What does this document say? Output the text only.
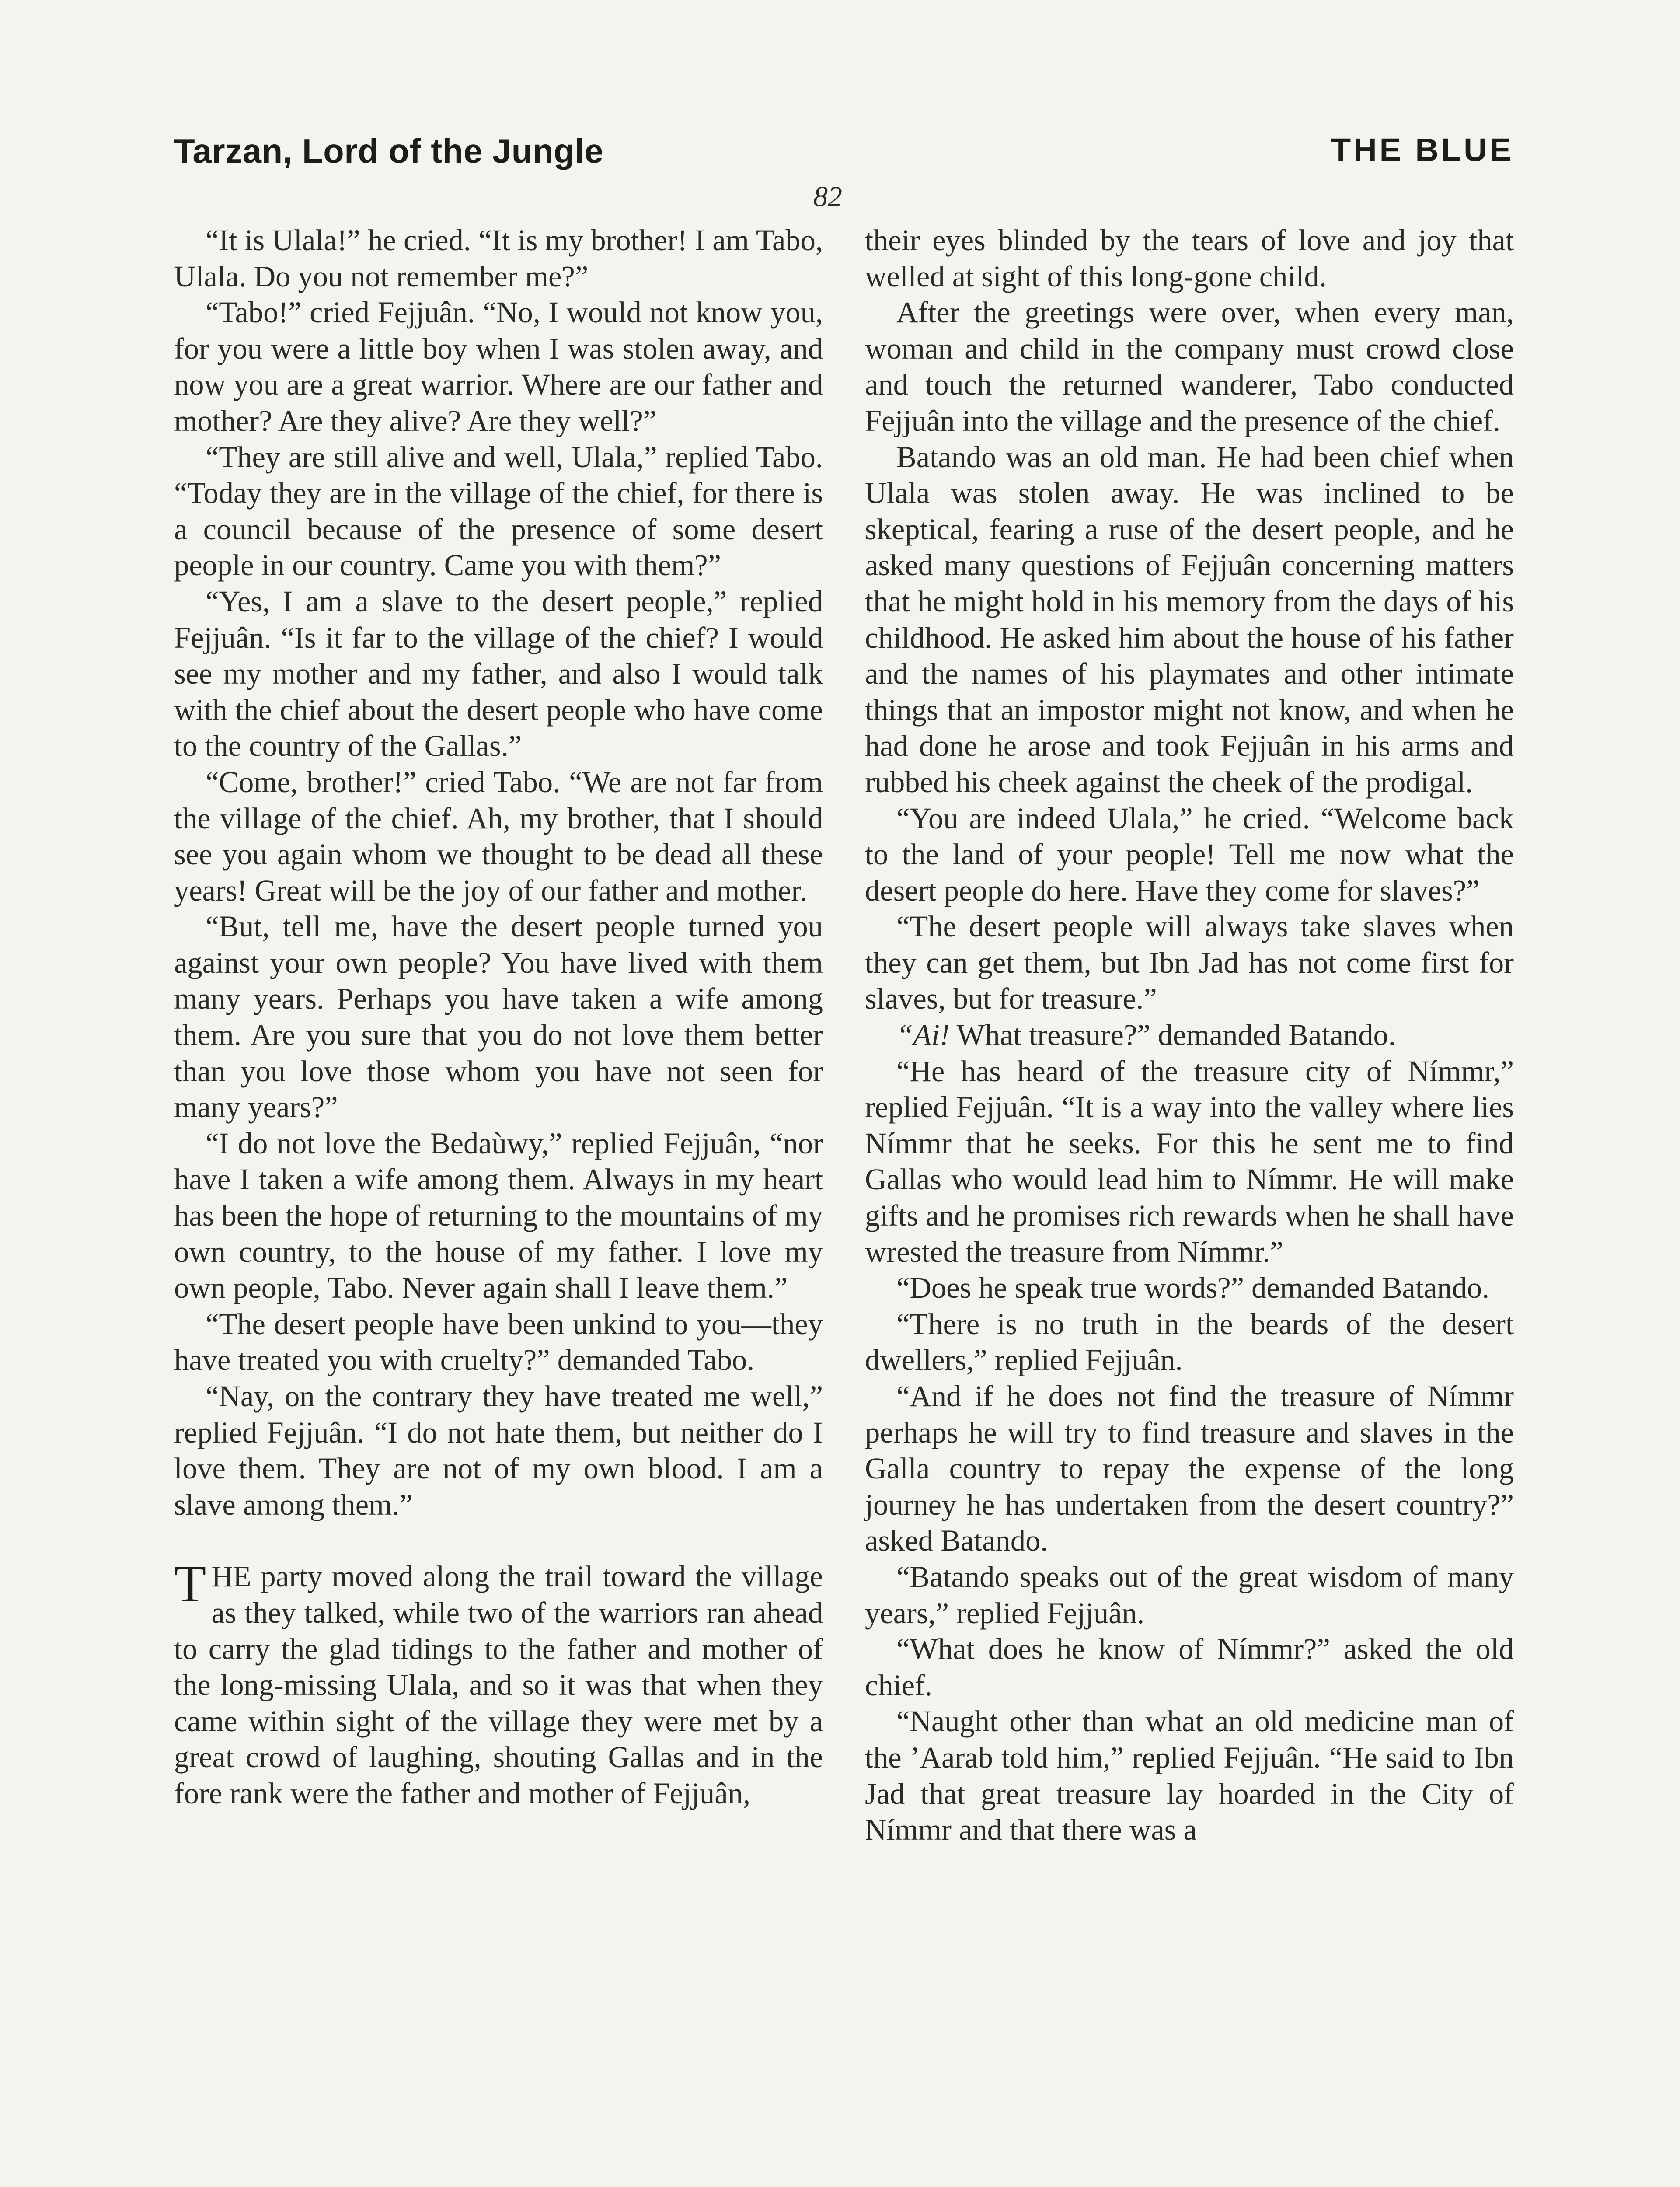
Tarzan, Lord of the Jungle	THE BLUE
82

“It is Ulala!” he cried. “It is my brother! I am Tabo, Ulala. Do you not remember me?”

“Tabo!” cried Fejjuân. “No, I would not know you, for you were a little boy when I was stolen away, and now you are a great warrior. Where are our father and mother? Are they alive? Are they well?”

“They are still alive and well, Ulala,” replied Tabo. “Today they are in the village of the chief, for there is a council because of the presence of some desert people in our country. Came you with them?”

“Yes, I am a slave to the desert people,” replied Fejjuân. “Is it far to the village of the chief? I would see my mother and my father, and also I would talk with the chief about the desert people who have come to the country of the Gallas.”

“Come, brother!” cried Tabo. “We are not far from the village of the chief. Ah, my brother, that I should see you again whom we thought to be dead all these years! Great will be the joy of our father and mother.

“But, tell me, have the desert people turned you against your own people? You have lived with them many years. Perhaps you have taken a wife among them. Are you sure that you do not love them better than you love those whom you have not seen for many years?”

“I do not love the Bedaùwy,” replied Fejjuân, “nor have I taken a wife among them. Always in my heart has been the hope of returning to the mountains of my own country, to the house of my father. I love my own people, Tabo. Never again shall I leave them.”

“The desert people have been unkind to you—they have treated you with cruelty?” demanded Tabo.

“Nay, on the contrary they have treated me well,” replied Fejjuân. “I do not hate them, but neither do I love them. They are not of my own blood. I am a slave among them.”

THE party moved along the trail toward the village as they talked, while two of the warriors ran ahead to carry the glad tidings to the father and mother of the long-missing Ulala, and so it was that when they came within sight of the village they were met by a great crowd of laughing, shouting Gallas and in the fore rank were the father and mother of Fejjuân,

their eyes blinded by the tears of love and joy that welled at sight of this long-gone child.

After the greetings were over, when every man, woman and child in the company must crowd close and touch the returned wanderer, Tabo conducted Fejjuân into the village and the presence of the chief.

Batando was an old man. He had been chief when Ulala was stolen away. He was inclined to be skeptical, fearing a ruse of the desert people, and he asked many questions of Fejjuân concerning matters that he might hold in his memory from the days of his childhood. He asked him about the house of his father and the names of his playmates and other intimate things that an impostor might not know, and when he had done he arose and took Fejjuân in his arms and rubbed his cheek against the cheek of the prodigal.

“You are indeed Ulala,” he cried. “Welcome back to the land of your people! Tell me now what the desert people do here. Have they come for slaves?”

“The desert people will always take slaves when they can get them, but Ibn Jad has not come first for slaves, but for treasure.”

“Ai! What treasure?” demanded Batando.

“He has heard of the treasure city of Nímmr,” replied Fejjuân. “It is a way into the valley where lies Nímmr that he seeks. For this he sent me to find Gallas who would lead him to Nímmr. He will make gifts and he promises rich rewards when he shall have wrested the treasure from Nímmr.”

“Does he speak true words?” demanded Batando.

“There is no truth in the beards of the desert dwellers,” replied Fejjuân.

“And if he does not find the treasure of Nímmr perhaps he will try to find treasure and slaves in the Galla country to repay the expense of the long journey he has undertaken from the desert country?” asked Batando.

“Batando speaks out of the great wisdom of many years,” replied Fejjuân.

“What does he know of Nímmr?” asked the old chief.

“Naught other than what an old medicine man of the ’Aarab told him,” replied Fejjuân. “He said to Ibn Jad that great treasure lay hoarded in the City of Nímmr and that there was a
